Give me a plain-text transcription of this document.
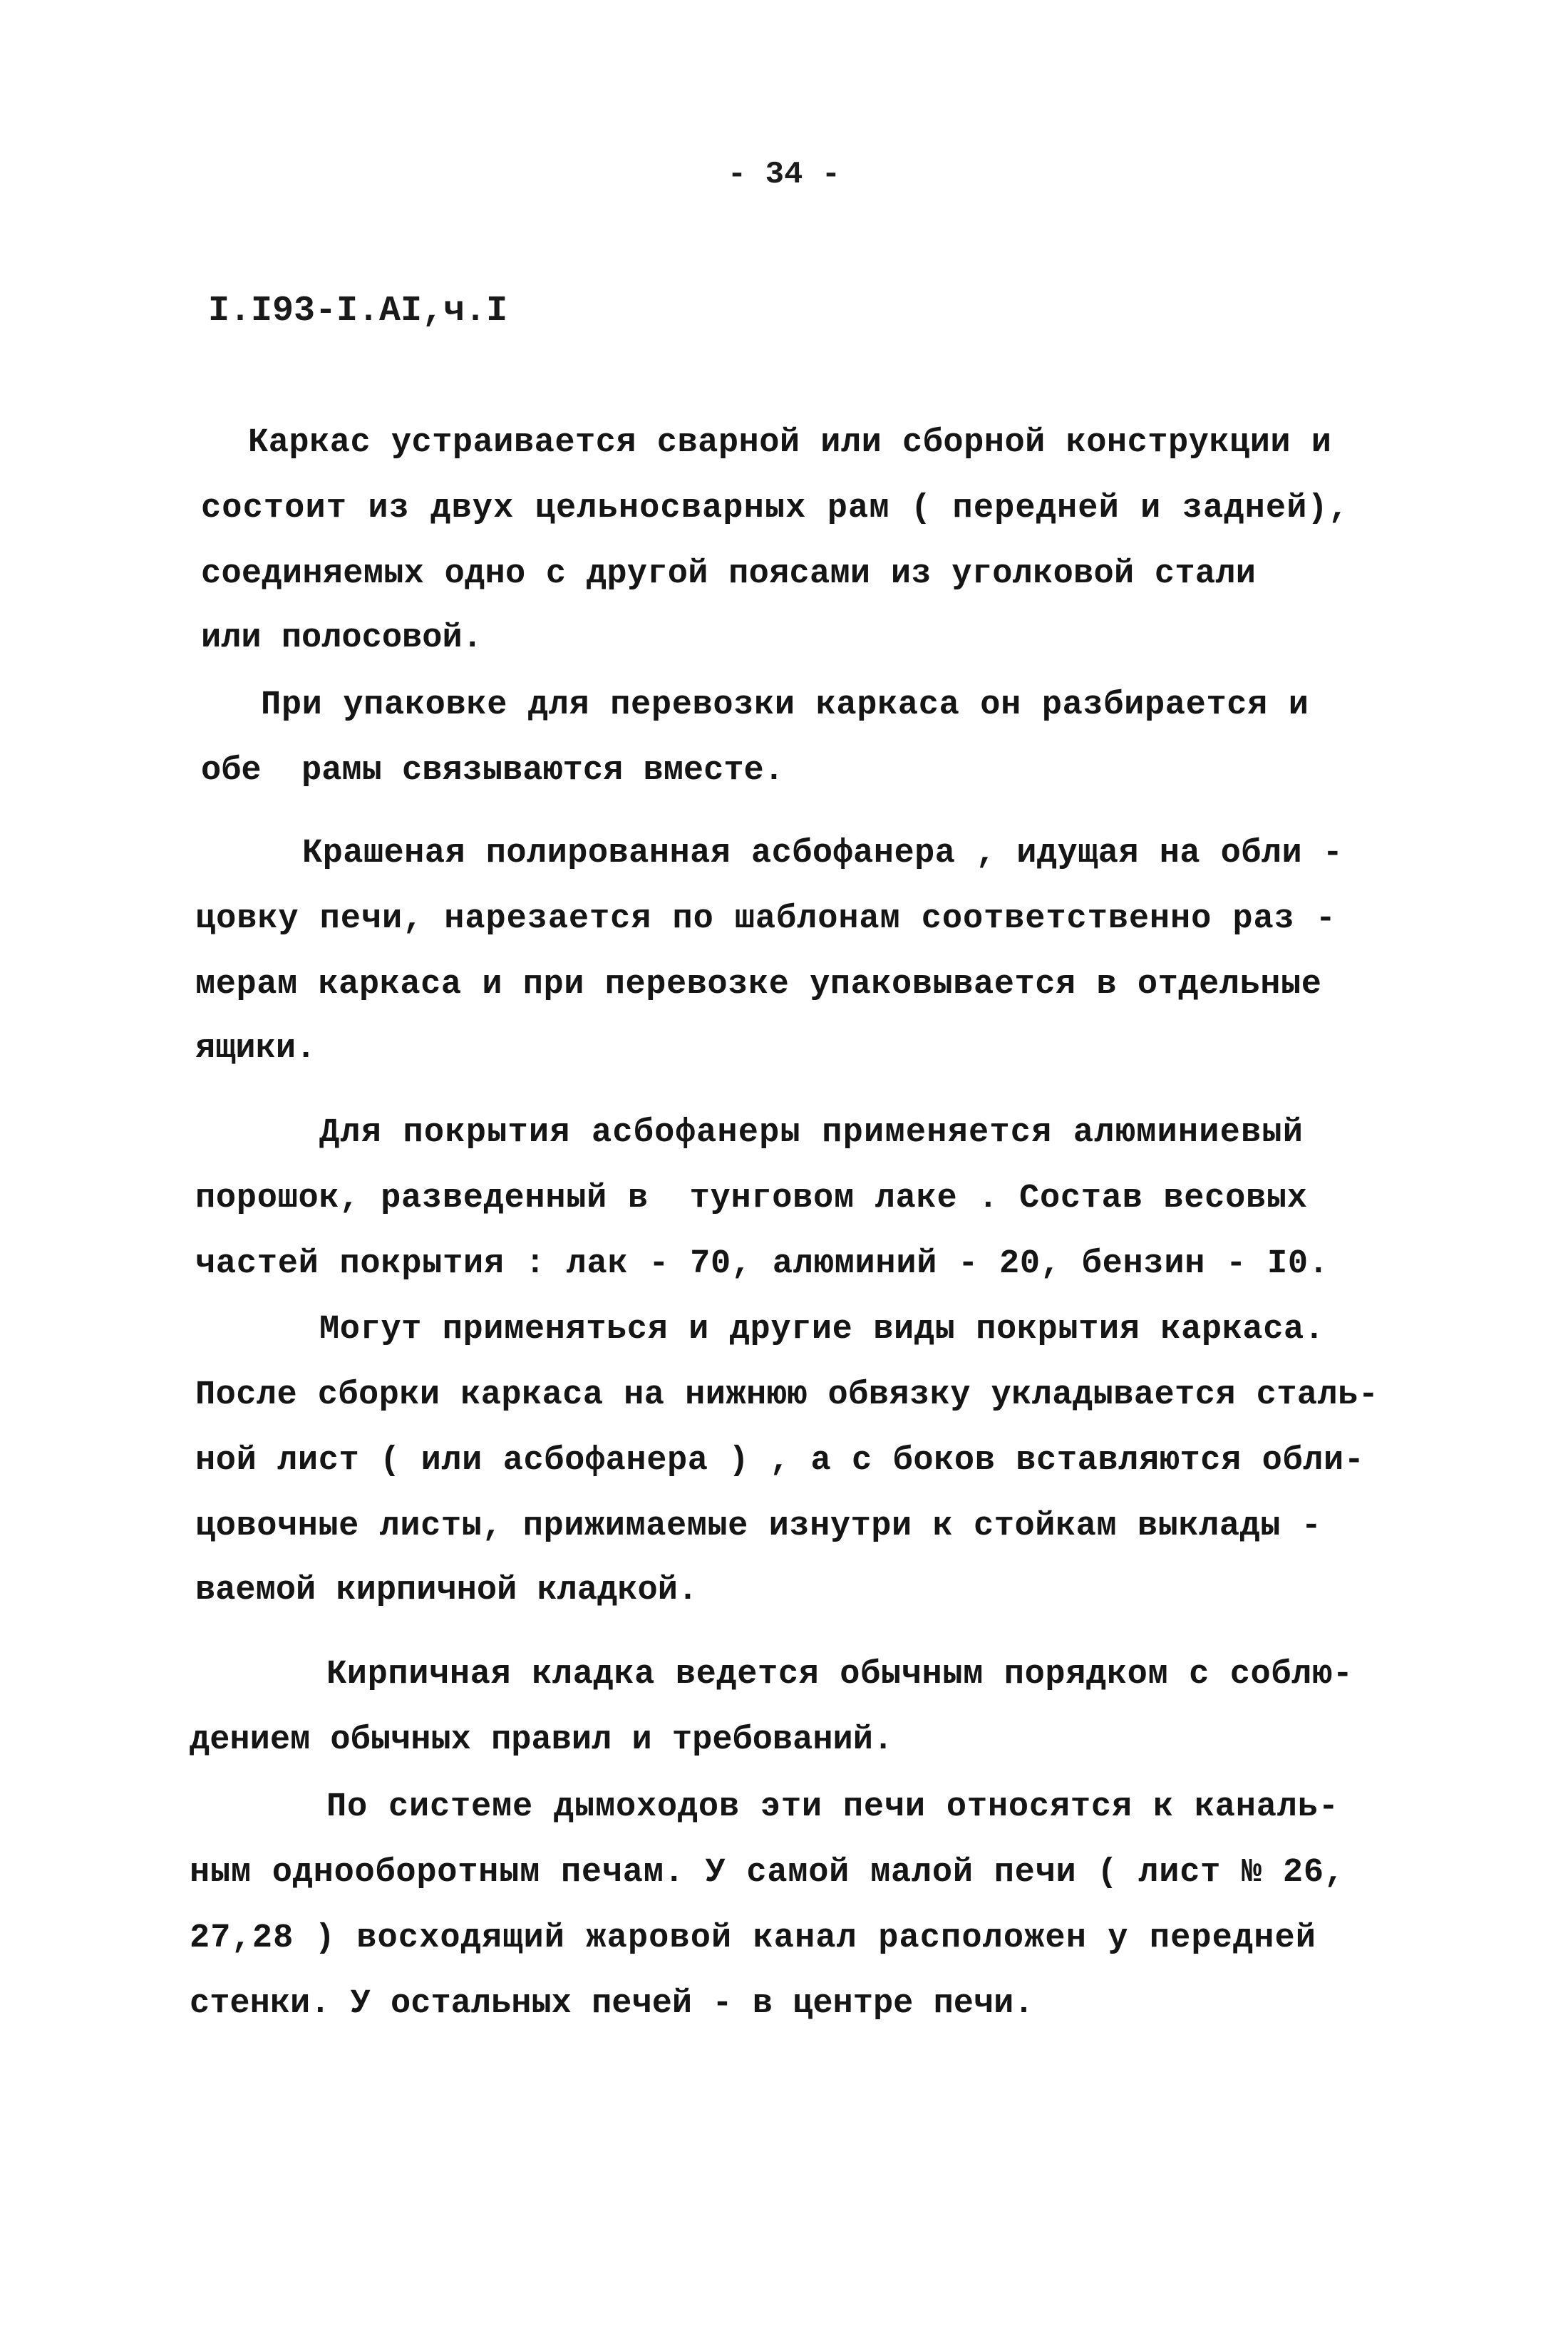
- 34 -
I.I93-I.AI,ч.I
Каркас устраивается сварной или сборной конструкции и
состоит из двух цельносварных рам ( передней и задней),
соединяемых одно с другой поясами из уголковой стали
или полосовой.
При упаковке для перевозки каркаса он разбирается и
обе  рамы связываются вместе.
Крашеная полированная асбофанера , идущая на обли -
цовку печи, нарезается по шаблонам соответственно раз -
мерам каркаса и при перевозке упаковывается в отдельные
ящики.
Для покрытия асбофанеры применяется алюминиевый
порошок, разведенный в  тунговом лаке . Состав весовых
частей покрытия : лак - 70, алюминий - 20, бензин - I0.
Могут применяться и другие виды покрытия каркаса.
После сборки каркаса на нижнюю обвязку укладывается сталь-
ной лист ( или асбофанера ) , а с боков вставляются обли-
цовочные листы, прижимаемые изнутри к стойкам выклады -
ваемой кирпичной кладкой.
Кирпичная кладка ведется обычным порядком с соблю-
дением обычных правил и требований.
По системе дымоходов эти печи относятся к каналь-
ным однооборотным печам. У самой малой печи ( лист № 26,
27,28 ) восходящий жаровой канал расположен у передней
стенки. У остальных печей - в центре печи.
